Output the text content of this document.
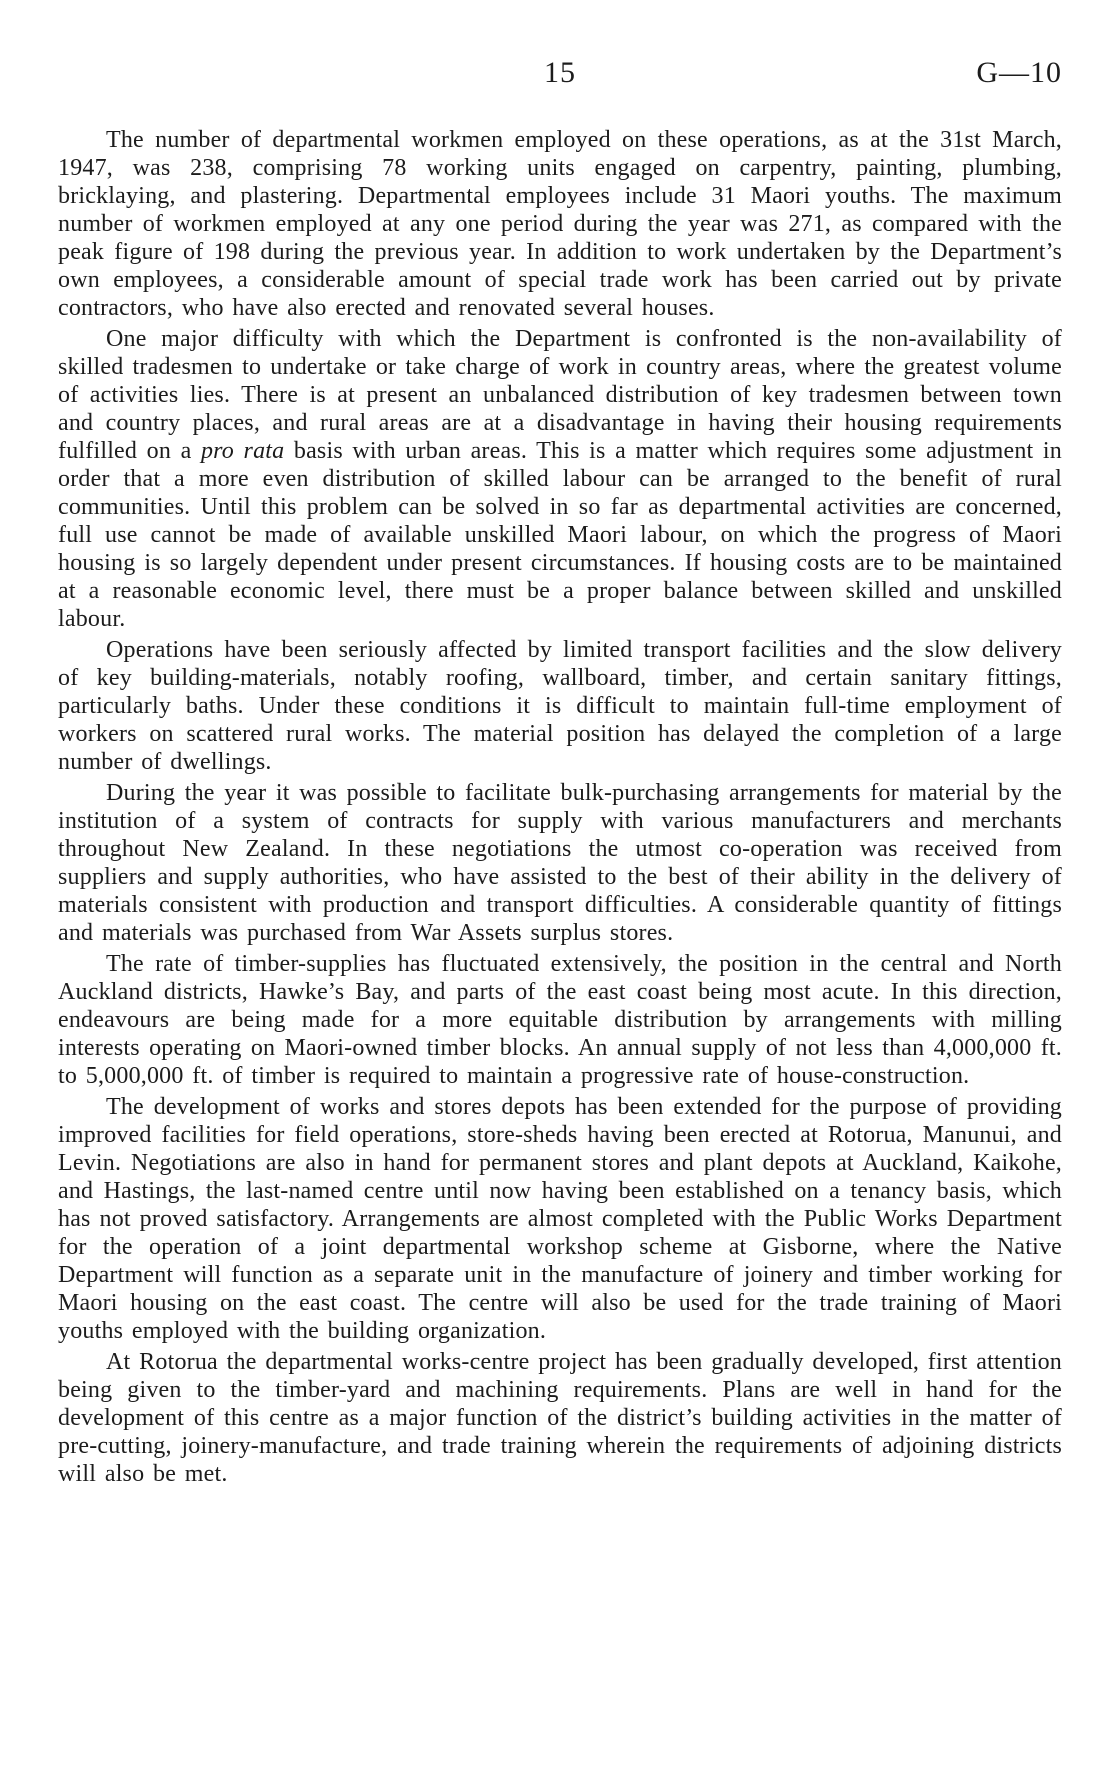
15	G—10

The number of departmental workmen employed on these operations, as at the 31st March, 1947, was 238, comprising 78 working units engaged on carpentry, painting, plumbing, bricklaying, and plastering. Departmental employees include 31 Maori youths. The maximum number of workmen employed at any one period during the year was 271, as compared with the peak figure of 198 during the previous year. In addition to work undertaken by the Department’s own employees, a considerable amount of special trade work has been carried out by private contractors, who have also erected and renovated several houses.

One major difficulty with which the Department is confronted is the non-availability of skilled tradesmen to undertake or take charge of work in country areas, where the greatest volume of activities lies. There is at present an unbalanced distribution of key tradesmen between town and country places, and rural areas are at a disadvantage in having their housing requirements fulfilled on a pro rata basis with urban areas. This is a matter which requires some adjustment in order that a more even distribution of skilled labour can be arranged to the benefit of rural communities. Until this problem can be solved in so far as departmental activities are concerned, full use cannot be made of available unskilled Maori labour, on which the progress of Maori housing is so largely dependent under present circumstances. If housing costs are to be maintained at a reasonable economic level, there must be a proper balance between skilled and unskilled labour.

Operations have been seriously affected by limited transport facilities and the slow delivery of key building-materials, notably roofing, wallboard, timber, and certain sanitary fittings, particularly baths. Under these conditions it is difficult to maintain full-time employment of workers on scattered rural works. The material position has delayed the completion of a large number of dwellings.

During the year it was possible to facilitate bulk-purchasing arrangements for material by the institution of a system of contracts for supply with various manufacturers and merchants throughout New Zealand. In these negotiations the utmost co-operation was received from suppliers and supply authorities, who have assisted to the best of their ability in the delivery of materials consistent with production and transport difficulties. A considerable quantity of fittings and materials was purchased from War Assets surplus stores.

The rate of timber-supplies has fluctuated extensively, the position in the central and North Auckland districts, Hawke’s Bay, and parts of the east coast being most acute. In this direction, endeavours are being made for a more equitable distribution by arrangements with milling interests operating on Maori-owned timber blocks. An annual supply of not less than 4,000,000 ft. to 5,000,000 ft. of timber is required to maintain a progressive rate of house-construction.

The development of works and stores depots has been extended for the purpose of providing improved facilities for field operations, store-sheds having been erected at Rotorua, Manunui, and Levin. Negotiations are also in hand for permanent stores and plant depots at Auckland, Kaikohe, and Hastings, the last-named centre until now having been established on a tenancy basis, which has not proved satisfactory. Arrangements are almost completed with the Public Works Department for the operation of a joint departmental workshop scheme at Gisborne, where the Native Department will function as a separate unit in the manufacture of joinery and timber working for Maori housing on the east coast. The centre will also be used for the trade training of Maori youths employed with the building organization.

At Rotorua the departmental works-centre project has been gradually developed, first attention being given to the timber-yard and machining requirements. Plans are well in hand for the development of this centre as a major function of the district’s building activities in the matter of pre-cutting, joinery-manufacture, and trade training wherein the requirements of adjoining districts will also be met.
